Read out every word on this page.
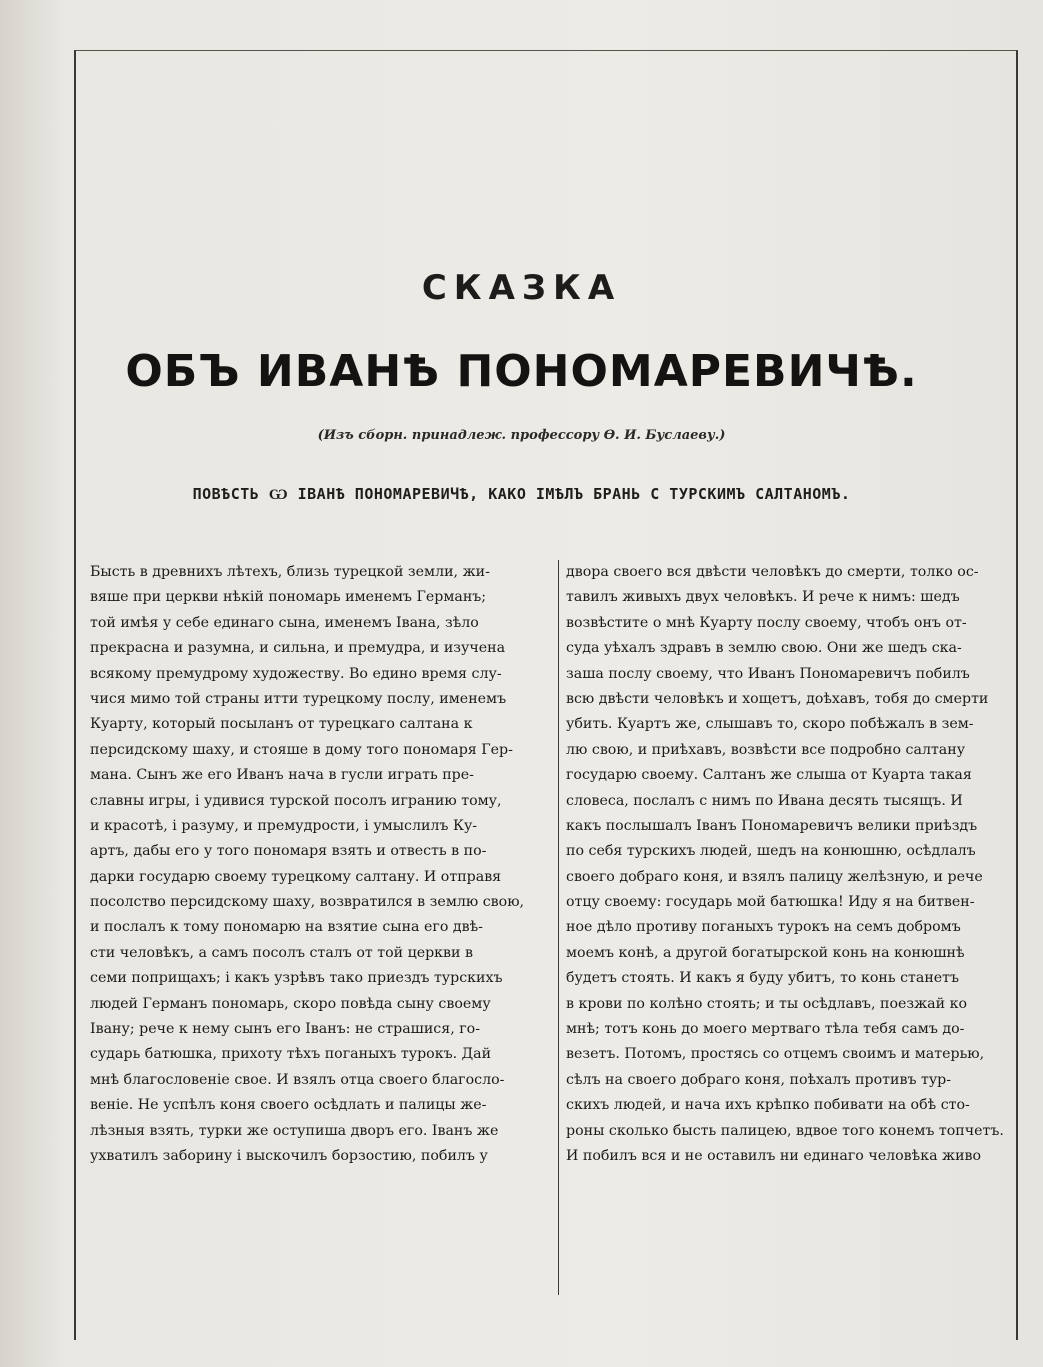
СКАЗКА
ОБЪ ИВАНѢ ПОНОМАРЕВИЧѢ.
(Изъ сборн. принадлеж. профессору Ѳ. И. Буслаеву.)
ПОВѢСТЬ Ѡ ІВАНѢ ПОНОМАРЕВИЧѢ, КАКО ІМѢЛЪ БРАНЬ С ТУРСКИМЪ САЛТАНОМЪ.
Бысть в древнихъ лѣтехъ, близь турецкой земли, жи-
вяше при церкви нѣкій пономарь именемъ Германъ;
той имѣя у себе единаго сына, именемъ Івана, зѣло
прекрасна и разумна, и сильна, и премудра, и изучена
всякому премудрому художеству. Во едино время слу-
чися мимо той страны итти турецкому послу, именемъ
Куарту, который посыланъ от турецкаго салтана к
персидскому шаху, и стояше в дому того пономаря Гер-
мана. Сынъ же его Иванъ нача в гусли играть пре-
славны игры, і удивися турской посолъ игранию тому,
и красотѣ, і разуму, и премудрости, і умыслилъ Ку-
артъ, дабы его у того пономаря взять и отвесть в по-
дарки государю своему турецкому салтану. И отправя
посолство персидскому шаху, возвратился в землю свою,
и послалъ к тому пономарю на взятие сына его двѣ-
сти человѣкъ, а самъ посолъ сталъ от той церкви в
семи поприщахъ; і какъ узрѣвъ тако приездъ турскихъ
людей Германъ пономарь, скоро повѣда сыну своему
Івану; рече к нему сынъ его Іванъ: не страшися, го-
сударь батюшка, прихоту тѣхъ поганыхъ турокъ. Дай
мнѣ благословеніе свое. И взялъ отца своего благосло-
веніе. Не успѣлъ коня своего осѣдлать и палицы же-
лѣзныя взять, турки же оступиша дворъ его. Іванъ же
ухватилъ заборину і выскочилъ борзостию, побилъ у
двора своего вся двѣсти человѣкъ до смерти, толко ос-
тавилъ живыхъ двух человѣкъ. И рече к нимъ: шедъ
возвѣстите о мнѣ Куарту послу своему, чтобъ онъ от-
суда уѣхалъ здравъ в землю свою. Они же шедъ ска-
заша послу своему, что Иванъ Пономаревичъ побилъ
всю двѣсти человѣкъ и хощетъ, доѣхавъ, тобя до смерти
убить. Куартъ же, слышавъ то, скоро побѣжалъ в зем-
лю свою, и приѣхавъ, возвѣсти все подробно салтану
государю своему. Салтанъ же слыша от Куарта такая
словеса, послалъ с нимъ по Ивана десять тысящъ. И
какъ послышалъ Іванъ Пономаревичъ велики приѣздъ
по себя турскихъ людей, шедъ на конюшню, осѣдлалъ
своего добраго коня, и взялъ палицу желѣзную, и рече
отцу своему: государь мой батюшка! Иду я на битвен-
ное дѣло противу поганыхъ турокъ на семъ добромъ
моемъ конѣ, а другой богатырской конь на конюшнѣ
будетъ стоять. И какъ я буду убитъ, то конь станетъ
в крови по колѣно стоять; и ты осѣдлавъ, поезжай ко
мнѣ; тотъ конь до моего мертваго тѣла тебя самъ до-
везетъ. Потомъ, простясь со отцемъ своимъ и матерью,
сѣлъ на своего добраго коня, поѣхалъ противъ тур-
скихъ людей, и нача ихъ крѣпко побивати на обѣ сто-
роны сколько бысть палицею, вдвое того конемъ топчетъ.
И побилъ вся и не оставилъ ни единаго человѣка живо
